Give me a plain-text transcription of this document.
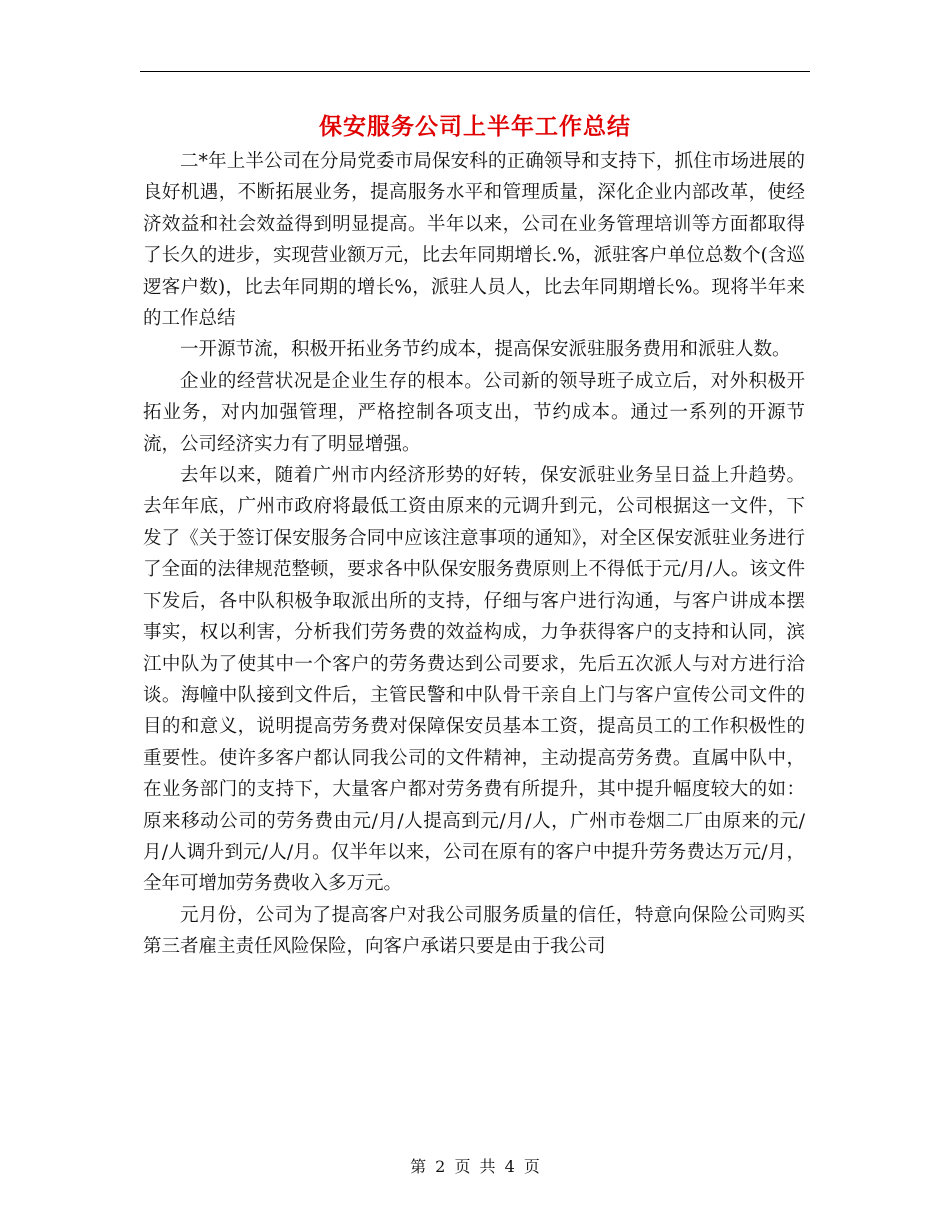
保安服务公司上半年工作总结

二*年上半公司在分局党委市局保安科的正确领导和支持下，抓住市场进展的良好机遇，不断拓展业务，提高服务水平和管理质量，深化企业内部改革，使经济效益和社会效益得到明显提高。半年以来，公司在业务管理培训等方面都取得了长久的进步，实现营业额万元，比去年同期增长.%，派驻客户单位总数个(含巡逻客户数)，比去年同期的增长%，派驻人员人，比去年同期增长%。现将半年来的工作总结

一开源节流，积极开拓业务节约成本，提高保安派驻服务费用和派驻人数。

企业的经营状况是企业生存的根本。公司新的领导班子成立后，对外积极开拓业务，对内加强管理，严格控制各项支出，节约成本。通过一系列的开源节流，公司经济实力有了明显增强。

去年以来，随着广州市内经济形势的好转，保安派驻业务呈日益上升趋势。去年年底，广州市政府将最低工资由原来的元调升到元，公司根据这一文件，下发了《关于签订保安服务合同中应该注意事项的通知》，对全区保安派驻业务进行了全面的法律规范整顿，要求各中队保安服务费原则上不得低于元/月/人。该文件下发后，各中队积极争取派出所的支持，仔细与客户进行沟通，与客户讲成本摆事实，权以利害，分析我们劳务费的效益构成，力争获得客户的支持和认同，滨江中队为了使其中一个客户的劳务费达到公司要求，先后五次派人与对方进行洽谈。海幢中队接到文件后，主管民警和中队骨干亲自上门与客户宣传公司文件的目的和意义，说明提高劳务费对保障保安员基本工资，提高员工的工作积极性的重要性。使许多客户都认同我公司的文件精神，主动提高劳务费。直属中队中，在业务部门的支持下，大量客户都对劳务费有所提升，其中提升幅度较大的如：原来移动公司的劳务费由元/月/人提高到元/月/人，广州市卷烟二厂由原来的元/月/人调升到元/人/月。仅半年以来，公司在原有的客户中提升劳务费达万元/月，全年可增加劳务费收入多万元。

元月份，公司为了提高客户对我公司服务质量的信任，特意向保险公司购买第三者雇主责任风险保险，向客户承诺只要是由于我公司

第 2 页 共 4 页
